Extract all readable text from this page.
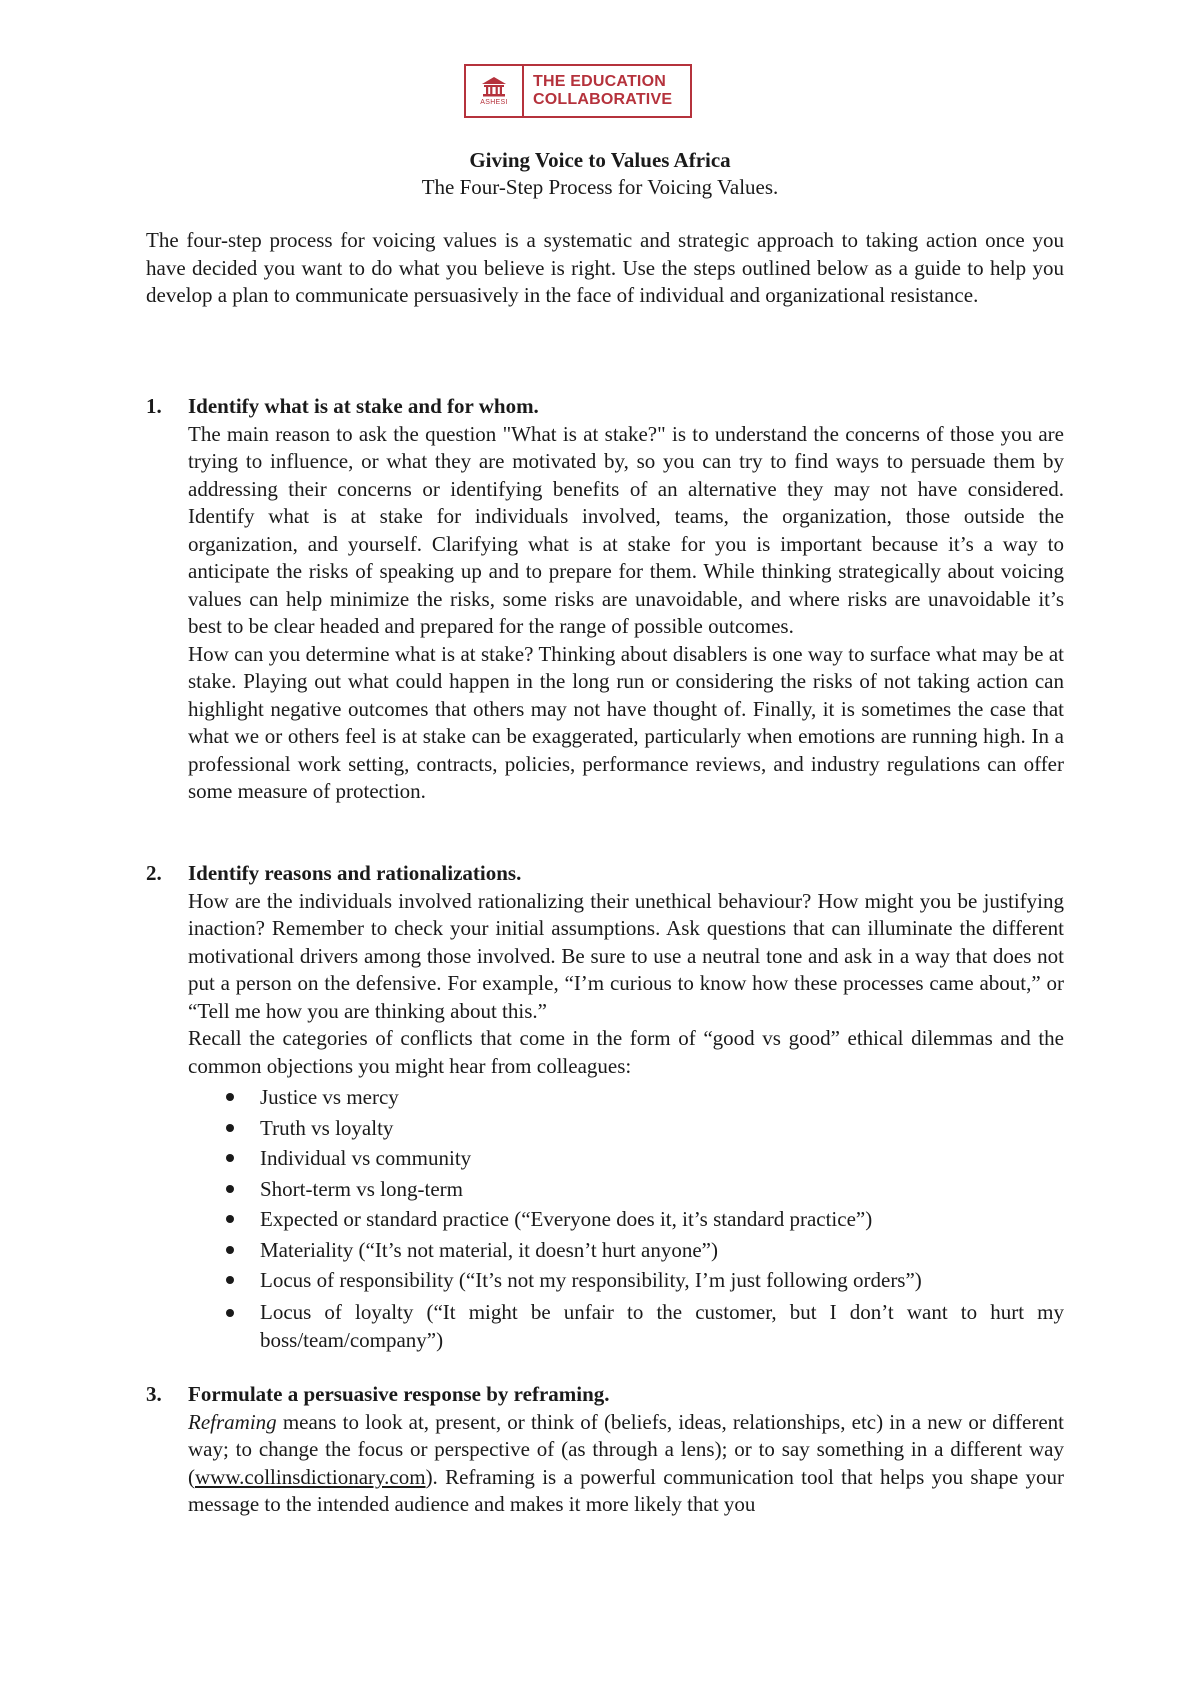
ASHESI
THE EDUCATION
COLLABORATIVE
Giving Voice to Values Africa
The Four-Step Process for Voicing Values.

The four-step process for voicing values is a systematic and strategic approach to taking action once you have decided you want to do what you believe is right. Use the steps outlined below as a guide to help you develop a plan to communicate persuasively in the face of individual and organizational resistance.

1.	Identify what is at stake and for whom.

The main reason to ask the question "What is at stake?" is to understand the concerns of those you are trying to influence, or what they are motivated by, so you can try to find ways to persuade them by addressing their concerns or identifying benefits of an alternative they may not have considered. Identify what is at stake for individuals involved, teams, the organization, those outside the organization, and yourself. Clarifying what is at stake for you is important because it’s a way to anticipate the risks of speaking up and to prepare for them. While thinking strategically about voicing values can help minimize the risks, some risks are unavoidable, and where risks are unavoidable it’s best to be clear headed and prepared for the range of possible outcomes.

How can you determine what is at stake? Thinking about disablers is one way to surface what may be at stake. Playing out what could happen in the long run or considering the risks of not taking action can highlight negative outcomes that others may not have thought of. Finally, it is sometimes the case that what we or others feel is at stake can be exaggerated, particularly when emotions are running high. In a professional work setting, contracts, policies, performance reviews, and industry regulations can offer some measure of protection.

2.	Identify reasons and rationalizations.

How are the individuals involved rationalizing their unethical behaviour? How might you be justifying inaction? Remember to check your initial assumptions. Ask questions that can illuminate the different motivational drivers among those involved. Be sure to use a neutral tone and ask in a way that does not put a person on the defensive. For example, “I’m curious to know how these processes came about,” or “Tell me how you are thinking about this.”

Recall the categories of conflicts that come in the form of “good vs good” ethical dilemmas and the common objections you might hear from colleagues:

Justice vs mercy
Truth vs loyalty
Individual vs community
Short-term vs long-term
Expected or standard practice (“Everyone does it, it’s standard practice”)
Materiality (“It’s not material, it doesn’t hurt anyone”)
Locus of responsibility (“It’s not my responsibility, I’m just following orders”)
Locus of loyalty (“It might be unfair to the customer, but I don’t want to hurt my boss/team/company”)
3.	Formulate a persuasive response by reframing.

Reframing means to look at, present, or think of (beliefs, ideas, relationships, etc) in a new or different way; to change the focus or perspective of (as through a lens); or to say something in a different way (www.collinsdictionary.com). Reframing is a powerful communication tool that helps you shape your message to the intended audience and makes it more likely that you
